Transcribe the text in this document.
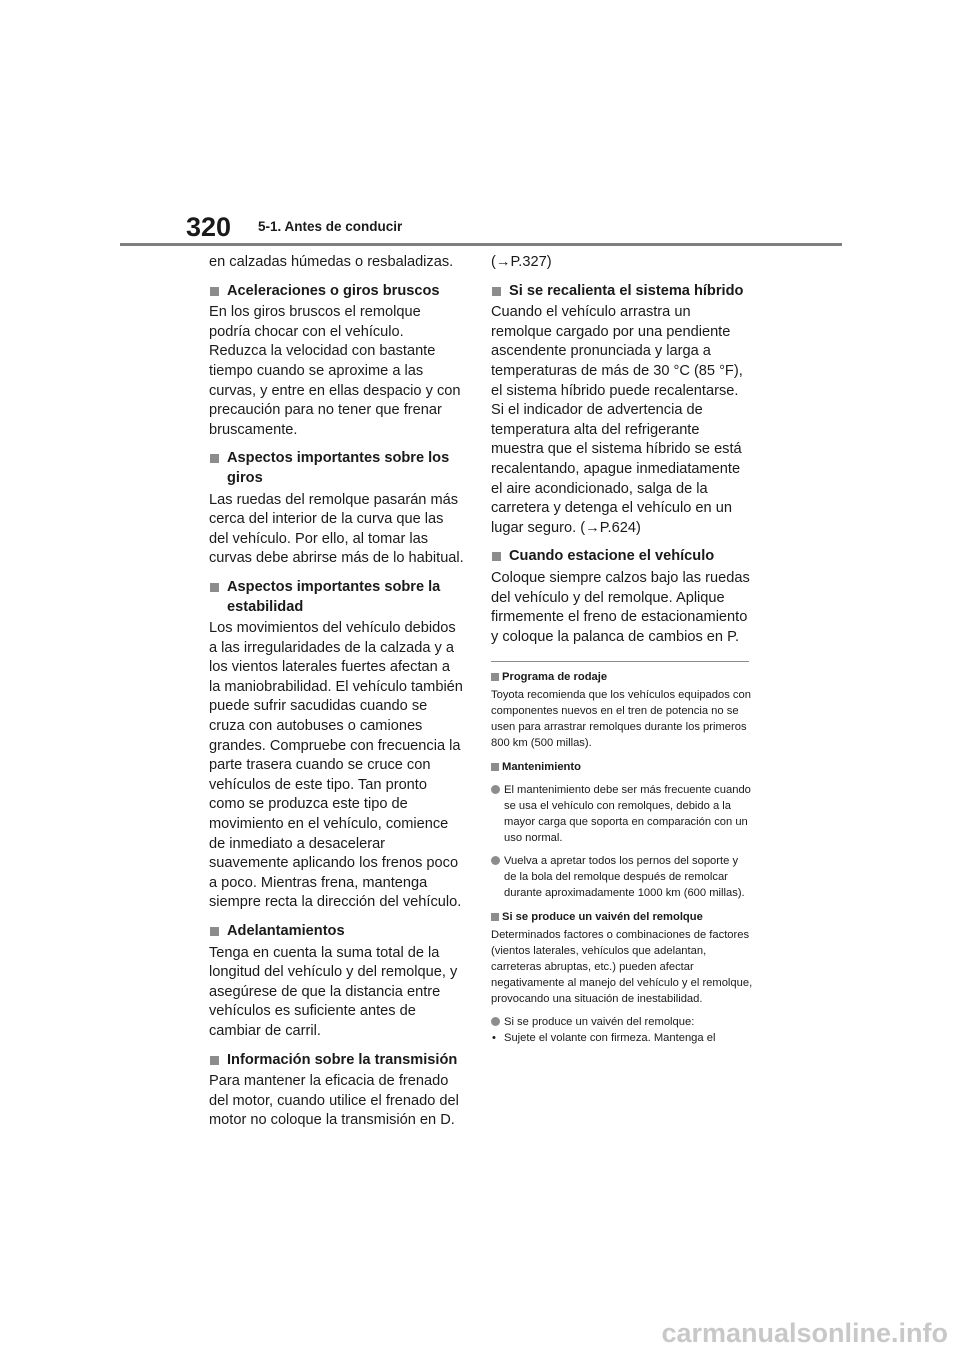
320 5-1. Antes de conducir

en calzadas húmedas o resbaladizas.

Aceleraciones o giros bruscos

En los giros bruscos el remolque podría chocar con el vehículo. Reduzca la velocidad con bastante tiempo cuando se aproxime a las curvas, y entre en ellas despacio y con precaución para no tener que frenar bruscamente.

Aspectos importantes sobre los giros

Las ruedas del remolque pasarán más cerca del interior de la curva que las del vehículo. Por ello, al tomar las curvas debe abrirse más de lo habitual.

Aspectos importantes sobre la estabilidad

Los movimientos del vehículo debidos a las irregularidades de la calzada y a los vientos laterales fuertes afectan a la maniobrabilidad. El vehículo también puede sufrir sacudidas cuando se cruza con autobuses o camiones grandes. Compruebe con frecuencia la parte trasera cuando se cruce con vehículos de este tipo. Tan pronto como se produzca este tipo de movimiento en el vehículo, comience de inmediato a desacelerar suavemente aplicando los frenos poco a poco. Mientras frena, mantenga siempre recta la dirección del vehículo.

Adelantamientos

Tenga en cuenta la suma total de la longitud del vehículo y del remolque, y asegúrese de que la distancia entre vehículos es suficiente antes de cambiar de carril.

Información sobre la transmisión

Para mantener la eficacia de frenado del motor, cuando utilice el frenado del motor no coloque la transmisión en D.

(→P.327)

Si se recalienta el sistema híbrido

Cuando el vehículo arrastra un remolque cargado por una pendiente ascendente pronunciada y larga a temperaturas de más de 30 °C (85 °F), el sistema híbrido puede recalentarse. Si el indicador de advertencia de temperatura alta del refrigerante muestra que el sistema híbrido se está recalentando, apague inmediatamente el aire acondicionado, salga de la carretera y detenga el vehículo en un lugar seguro. (→P.624)

Cuando estacione el vehículo

Coloque siempre calzos bajo las ruedas del vehículo y del remolque. Aplique firmemente el freno de estacionamiento y coloque la palanca de cambios en P.

Programa de rodaje

Toyota recomienda que los vehículos equipados con componentes nuevos en el tren de potencia no se usen para arrastrar remolques durante los primeros 800 km (500 millas).

Mantenimiento
El mantenimiento debe ser más frecuente cuando se usa el vehículo con remolques, debido a la mayor carga que soporta en comparación con un uso normal.
Vuelva a apretar todos los pernos del soporte y de la bola del remolque después de remolcar durante aproximadamente 1000 km (600 millas).
Si se produce un vaivén del remolque

Determinados factores o combinaciones de factores (vientos laterales, vehículos que adelantan, carreteras abruptas, etc.) pueden afectar negativamente al manejo del vehículo y el remolque, provocando una situación de inestabilidad.

Si se produce un vaivén del remolque:
• Sujete el volante con firmeza. Mantenga el
carmanualsonline.info
